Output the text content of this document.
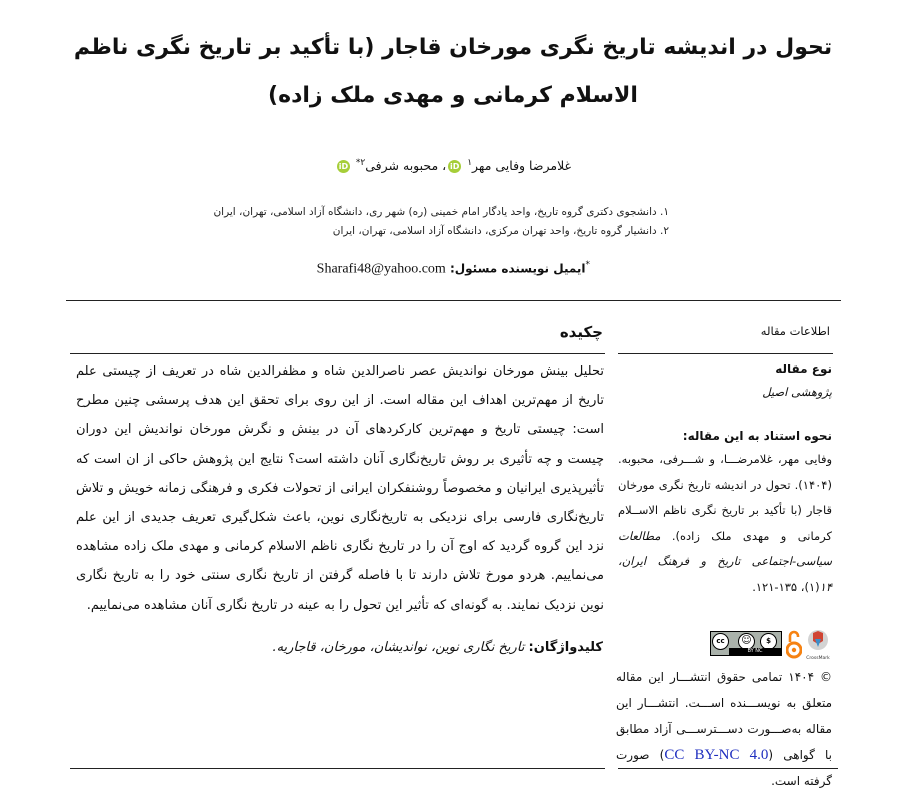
تحول در اندیشه تاریخ نگری مورخان قاجار (با تأکید بر تاریخ نگری ناظم الاسلام کرمانی و مهدی ملک زاده)
غلامرضا وفایی مهر$^۱$ iD، محبوبه شرفی$^{۲*}$ iD
۱. دانشجوی دکتری گروه تاریخ، واحد یادگار امام خمینی (ره) شهر ری، دانشگاه آزاد اسلامی، تهران، ایران
۲. دانشیار گروه تاریخ، واحد تهران مرکزی، دانشگاه آزاد اسلامی، تهران، ایران
*ایمیل نویسنده مسئول: Sharafi48@yahoo.com
اطلاعات مقاله
چکیده

تحلیل بینش مورخان نواندیش عصر ناصرالدین شاه و مظفرالدین شاه در تعریف از چیستی علم تاریخ از مهم‌ترین اهداف این مقاله است. از این روی برای تحقق این هدف پرسشی چنین مطرح است: چیستی تاریخ و مهم‌ترین کارکردهای آن در بینش و نگرش مورخان نواندیش این دوران چیست و چه تأثیری بر روش تاریخ‌نگاری آنان داشته است؟ نتایج این پژوهش حاکی از ان است که تأثیرپذیری ایرانیان و مخصوصاً روشنفکران ایرانی از تحولات فکری و فرهنگی زمانه خویش و تلاش تاریخ‌نگاری فارسی برای نزدیکی به تاریخ‌نگاری نوین، باعث شکل‌گیری تعریف جدیدی از این علم نزد این گروه گردید که اوج آن را در تاریخ نگاری ناظم الاسلام کرمانی و مهدی ملک زاده مشاهده می‌نماییم. هردو مورخ تلاش دارند تا با فاصله گرفتن از تاریخ نگاری سنتی خود را به تاریخ نگاری نوین نزدیک نمایند. به گونه‌ای که تأثیر این تحول را به عینه در تاریخ نگاری آنان مشاهده می‌نماییم.

کلیدواژگان: تاریخ نگاری نوین، نواندیشان، مورخان، قاجاریه.
نوع مقاله
پژوهشی اصیل
نحوه استناد به این مقاله:

وفایی مهر، غلامرضـــا، و شـــرفی، محبوبه. (۱۴۰۴). تحول در اندیشه تاریخ نگری مورخان قاجار (با تأکید بر تاریخ نگری ناظم الاســلام کرمانی و مهدی ملک زاده). مطالعات سیاسی-اجتماعی تاریخ و فرهنگ ایران، ۱۴(۱)، ۱۳۵-۱۲۱.

cc	☺	$
BY NC
CrossMark

© ۱۴۰۴ تمامی حقوق انتشـــار این مقاله متعلق به نویســـنده اســـت. انتشـــار این مقاله به‌صـــورت دســـترســـی آزاد مطابق با گواهی (CC BY-NC 4.0) صورت گرفته است.
